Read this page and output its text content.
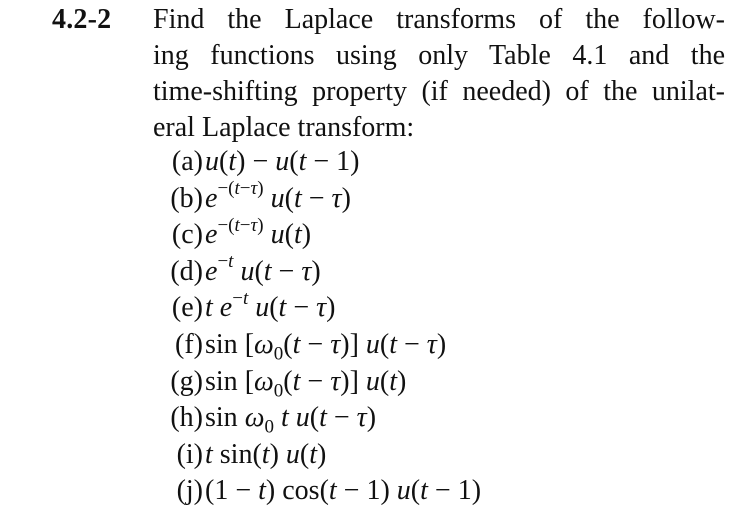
4.2-2 Find the Laplace transforms of the follow-
ing functions using only Table 4.1 and the
time-shifting property (if needed) of the unilat-
eral Laplace transform:
(a) u(t) − u(t − 1)
(b) $e^{-(t-\tau)}$ u(t − τ)
(c) $e^{-(t-\tau)}$ u(t)
(d) $e^{-t}$ u(t − τ)
(e) t $e^{-t}$ u(t − τ)
(f) $\sin [\omega_0(t - \tau)] u(t - \tau)$
(g) $\sin [\omega_0(t - \tau)]$ u(t)
(h) $\sin \omega_0$ t u(t − τ)
(i) t sin(t) u(t)
(j) (1 − t) cos(t − 1) u(t − 1)
